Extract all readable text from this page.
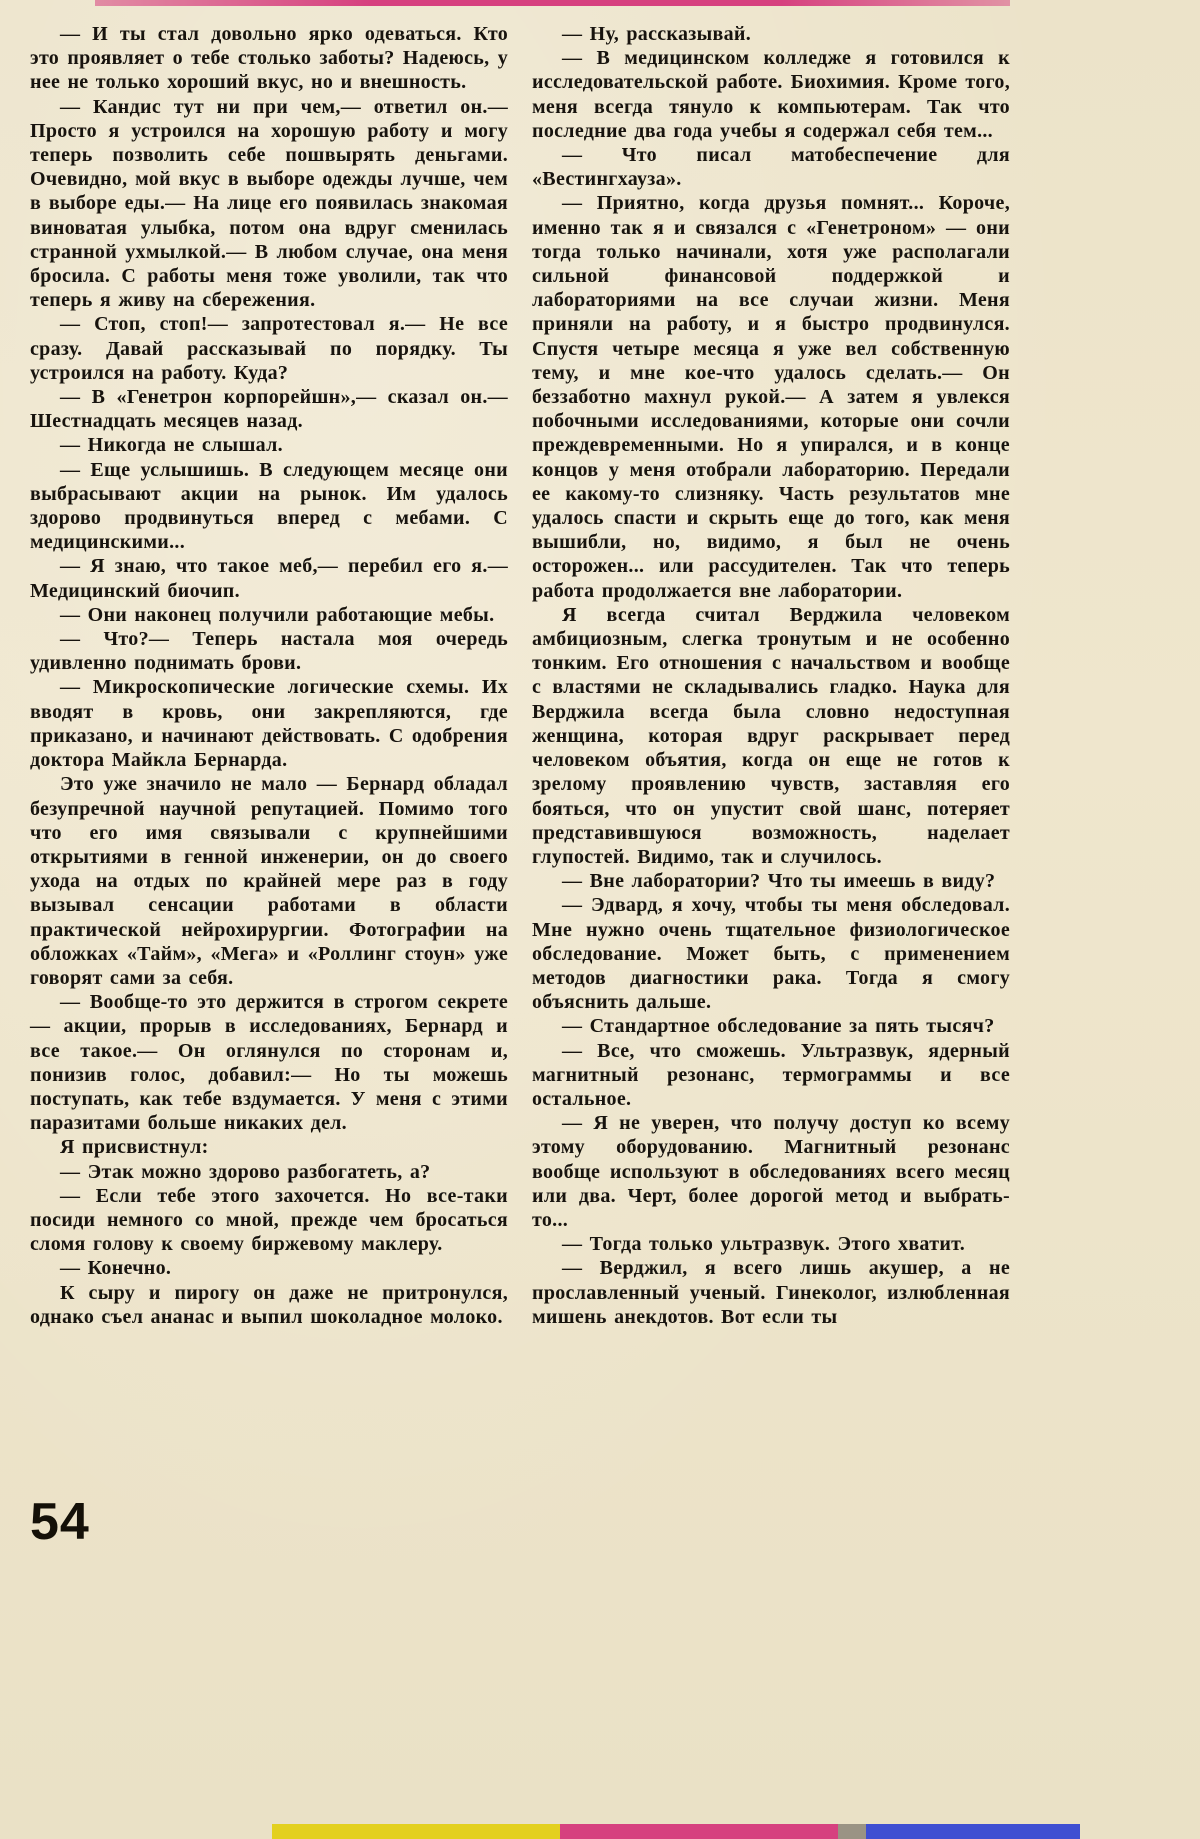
— И ты стал довольно ярко одеваться. Кто это проявляет о тебе столько заботы? Надеюсь, у нее не только хороший вкус, но и внешность.

— Кандис тут ни при чем,— ответил он.— Просто я устроился на хорошую работу и могу теперь позволить себе пошвырять деньгами. Очевидно, мой вкус в выборе одежды лучше, чем в выборе еды.— На лице его появилась знакомая виноватая улыбка, потом она вдруг сменилась странной ухмылкой.— В любом случае, она меня бросила. С работы меня тоже уволили, так что теперь я живу на сбережения.

— Стоп, стоп!— запротестовал я.— Не все сразу. Давай рассказывай по порядку. Ты устроился на работу. Куда?

— В «Генетрон корпорейшн»,— сказал он.— Шестнадцать месяцев назад.

— Никогда не слышал.

— Еще услышишь. В следующем месяце они выбрасывают акции на рынок. Им удалось здорово продвинуться вперед с мебами. С медицинскими...

— Я знаю, что такое меб,— перебил его я.— Медицинский биочип.

— Они наконец получили работающие мебы.

— Что?— Теперь настала моя очередь удивленно поднимать брови.

— Микроскопические логические схемы. Их вводят в кровь, они закрепляются, где приказано, и начинают действовать. С одобрения доктора Майкла Бернарда.

Это уже значило не мало — Бернард обладал безупречной научной репутацией. Помимо того что его имя связывали с крупнейшими открытиями в генной инженерии, он до своего ухода на отдых по крайней мере раз в году вызывал сенсации работами в области практической нейрохирургии. Фотографии на обложках «Тайм», «Мега» и «Роллинг стоун» уже говорят сами за себя.

— Вообще-то это держится в строгом секрете — акции, прорыв в исследованиях, Бернард и все такое.— Он оглянулся по сторонам и, понизив голос, добавил:— Но ты можешь поступать, как тебе вздумается. У меня с этими паразитами больше никаких дел.

Я присвистнул:

— Этак можно здорово разбогатеть, а?

— Если тебе этого захочется. Но все-таки посиди немного со мной, прежде чем бросаться сломя голову к своему биржевому маклеру.

— Конечно.

К сыру и пирогу он даже не притронулся, однако съел ананас и выпил шоколадное молоко.

— Ну, рассказывай.

— В медицинском колледже я готовился к исследовательской работе. Биохимия. Кроме того, меня всегда тянуло к компьютерам. Так что последние два года учебы я содержал себя тем...

— Что писал матобеспечение для «Вестингхауза».

— Приятно, когда друзья помнят... Короче, именно так я и связался с «Генетроном» — они тогда только начинали, хотя уже располагали сильной финансовой поддержкой и лабораториями на все случаи жизни. Меня приняли на работу, и я быстро продвинулся. Спустя четыре месяца я уже вел собственную тему, и мне кое-что удалось сделать.— Он беззаботно махнул рукой.— А затем я увлекся побочными исследованиями, которые они сочли преждевременными. Но я упирался, и в конце концов у меня отобрали лабораторию. Передали ее какому-то слизняку. Часть результатов мне удалось спасти и скрыть еще до того, как меня вышибли, но, видимо, я был не очень осторожен... или рассудителен. Так что теперь работа продолжается вне лаборатории.

Я всегда считал Верджила человеком амбициозным, слегка тронутым и не особенно тонким. Его отношения с начальством и вообще с властями не складывались гладко. Наука для Верджила всегда была словно недоступная женщина, которая вдруг раскрывает перед человеком объятия, когда он еще не готов к зрелому проявлению чувств, заставляя его бояться, что он упустит свой шанс, потеряет представившуюся возможность, наделает глупостей. Видимо, так и случилось.

— Вне лаборатории? Что ты имеешь в виду?

— Эдвард, я хочу, чтобы ты меня обследовал. Мне нужно очень тщательное физиологическое обследование. Может быть, с применением методов диагностики рака. Тогда я смогу объяснить дальше.

— Стандартное обследование за пять тысяч?

— Все, что сможешь. Ультразвук, ядерный магнитный резонанс, термограммы и все остальное.

— Я не уверен, что получу доступ ко всему этому оборудованию. Магнитный резонанс вообще используют в обследованиях всего месяц или два. Черт, более дорогой метод и выбрать-то...

— Тогда только ультразвук. Этого хватит.

— Верджил, я всего лишь акушер, а не прославленный ученый. Гинеколог, излюбленная мишень анекдотов. Вот если ты

54
